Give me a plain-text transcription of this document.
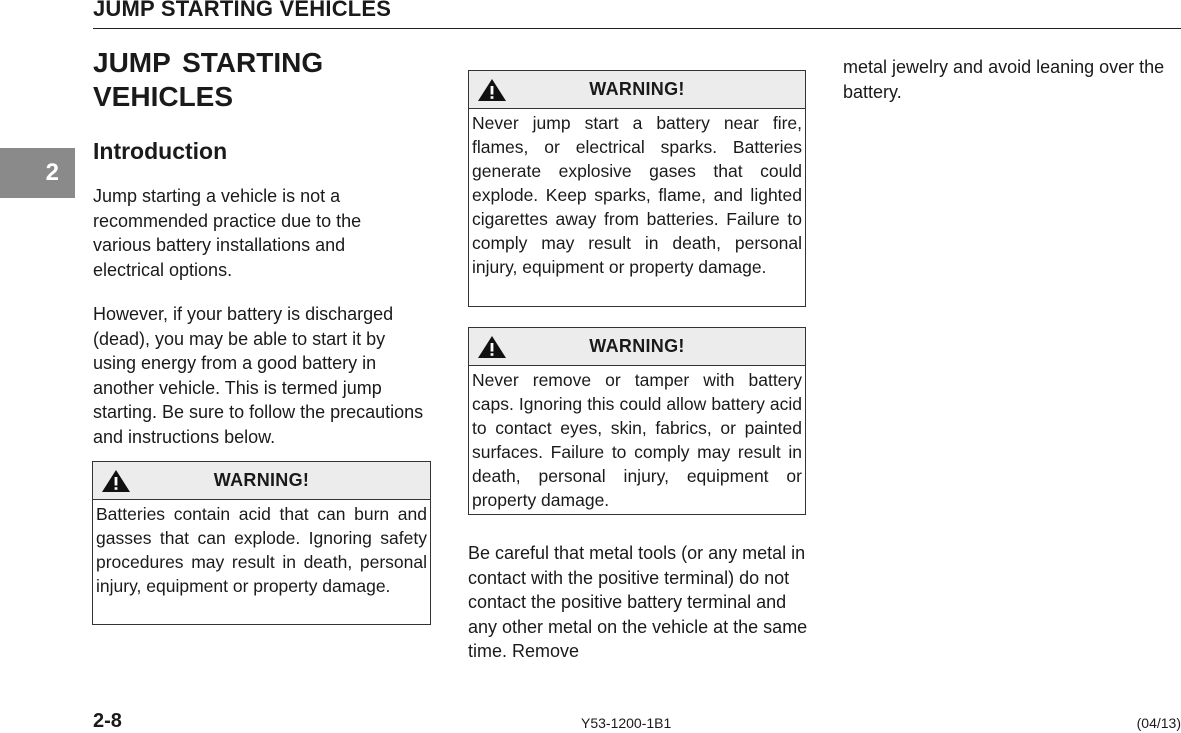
JUMP STARTING VEHICLES
2
JUMP STARTING VEHICLES
Introduction

Jump starting a vehicle is not a recommended practice due to the various battery installations and electrical options.

However, if your battery is discharged (dead), you may be able to start it by using energy from a good battery in another vehicle. This is termed jump starting. Be sure to follow the precautions and instructions below.

WARNING!
Batteries contain acid that can burn and gasses that can explode. Ignoring safety procedures may result in death, personal injury, equipment or property damage.
WARNING!
Never jump start a battery near fire, flames, or electrical sparks. Batteries generate explosive gases that could explode. Keep sparks, flame, and lighted cigarettes away from batteries. Failure to comply may result in death, personal injury, equipment or property damage.
WARNING!
Never remove or tamper with battery caps. Ignoring this could allow battery acid to contact eyes, skin, fabrics, or painted surfaces. Failure to comply may result in death, personal injury, equipment or property damage.

Be careful that metal tools (or any metal in contact with the positive terminal) do not contact the positive battery terminal and any other metal on the vehicle at the same time. Remove

metal jewelry and avoid leaning over the battery.

2-8	Y53-1200-1B1	(04/13)
